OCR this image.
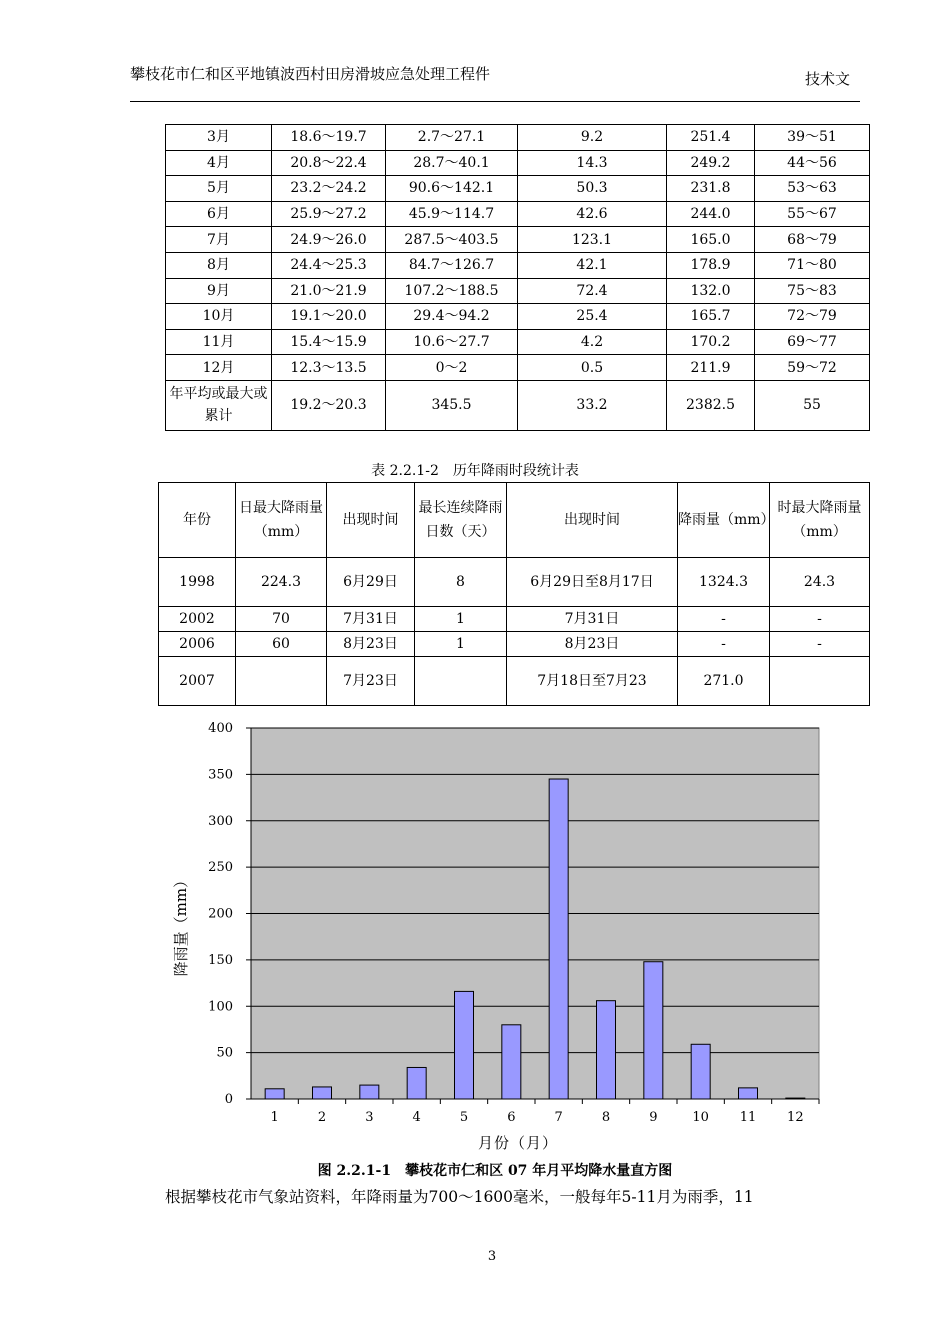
攀枝花市仁和区平地镇波西村田房滑坡应急处理工程件	技术文
3月	18.6～19.7	2.7～27.1	9.2	251.4	39～51
4月	20.8～22.4	28.7～40.1	14.3	249.2	44～56
5月	23.2～24.2	90.6～142.1	50.3	231.8	53～63
6月	25.9～27.2	45.9～114.7	42.6	244.0	55～67
7月	24.9～26.0	287.5～403.5	123.1	165.0	68～79
8月	24.4～25.3	84.7～126.7	42.1	178.9	71～80
9月	21.0～21.9	107.2～188.5	72.4	132.0	75～83
10月	19.1～20.0	29.4～94.2	25.4	165.7	72～79
11月	15.4～15.9	10.6～27.7	4.2	170.2	69～77
12月	12.3～13.5	0～2	0.5	211.9	59～72
年平均或最大或累计	19.2～20.3	345.5	33.2	2382.5	55
表 2.2.1-2　历年降雨时段统计表
年份	日最大降雨量（mm）	出现时间	最长连续降雨日数（天）	出现时间	降雨量（mm）	时最大降雨量（mm）
1998	224.3	6月29日	8	6月29日至8月17日	1324.3	24.3
2002	70	7月31日	1	7月31日	-	-
2006	60	8月23日	1	8月23日	-	-
2007		7月23日		7月18日至7月23	271.0	
0
50
100
150
200
250
300
350
400
1	2	3	4	5	6	7	8	9	10 11 12
月份（月）
降雨量（mm）
图 2.2.1-1　攀枝花市仁和区 07 年月平均降水量直方图
根据攀枝花市气象站资料，年降雨量为700～1600毫米，一般每年5-11月为雨季，11
3
